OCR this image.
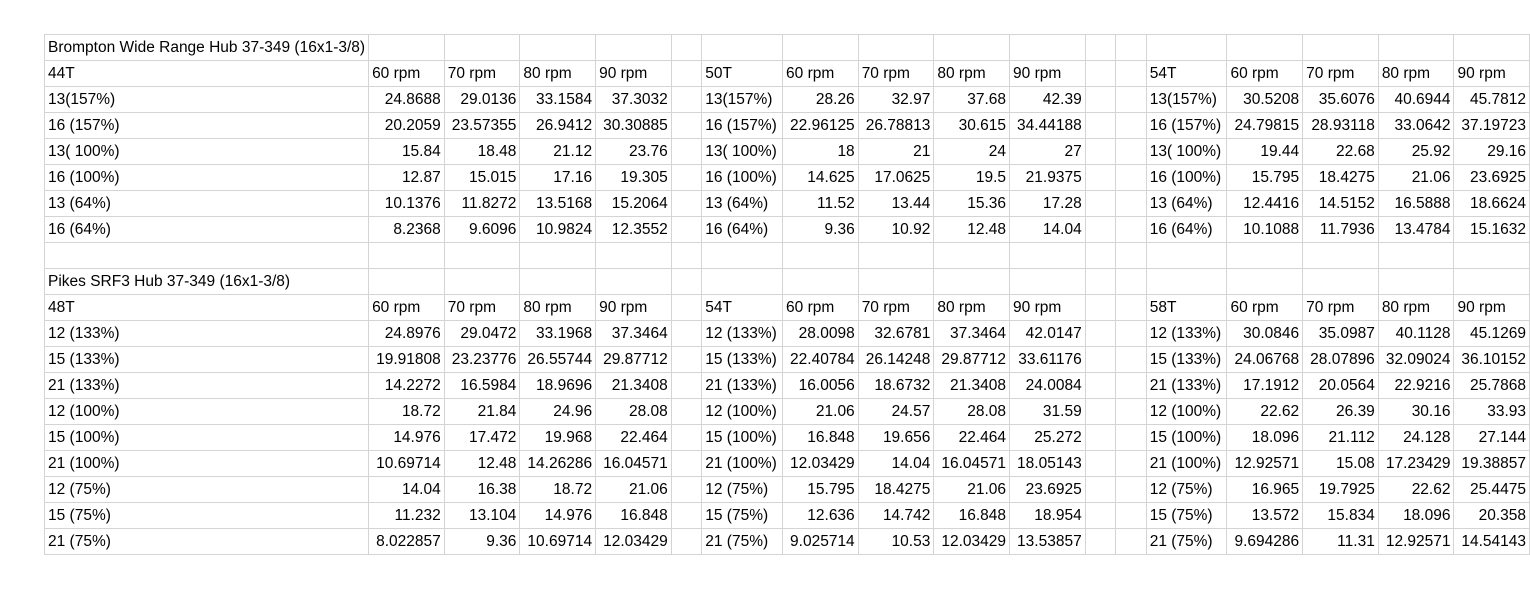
Brompton Wide Range Hub 37-349 (16x1-3/8)																	
44T	60 rpm	70 rpm	80 rpm	90 rpm		50T	60 rpm	70 rpm	80 rpm	90 rpm			54T	60 rpm	70 rpm	80 rpm	90 rpm
13(157%)	24.8688	29.0136	33.1584	37.3032		13(157%)	28.26	32.97	37.68	42.39			13(157%)	30.5208	35.6076	40.6944	45.7812
16 (157%)	20.2059	23.57355	26.9412	30.30885		16 (157%)	22.96125	26.78813	30.615	34.44188			16 (157%)	24.79815	28.93118	33.0642	37.19723
13( 100%)	15.84	18.48	21.12	23.76		13( 100%)	18	21	24	27			13( 100%)	19.44	22.68	25.92	29.16
16 (100%)	12.87	15.015	17.16	19.305		16 (100%)	14.625	17.0625	19.5	21.9375			16 (100%)	15.795	18.4275	21.06	23.6925
13 (64%)	10.1376	11.8272	13.5168	15.2064		13 (64%)	11.52	13.44	15.36	17.28			13 (64%)	12.4416	14.5152	16.5888	18.6624
16 (64%)	8.2368	9.6096	10.9824	12.3552		16 (64%)	9.36	10.92	12.48	14.04			16 (64%)	10.1088	11.7936	13.4784	15.1632

Pikes SRF3 Hub 37-349 (16x1-3/8)																	
48T	60 rpm	70 rpm	80 rpm	90 rpm		54T	60 rpm	70 rpm	80 rpm	90 rpm			58T	60 rpm	70 rpm	80 rpm	90 rpm
12 (133%)	24.8976	29.0472	33.1968	37.3464		12 (133%)	28.0098	32.6781	37.3464	42.0147			12 (133%)	30.0846	35.0987	40.1128	45.1269
15 (133%)	19.91808	23.23776	26.55744	29.87712		15 (133%)	22.40784	26.14248	29.87712	33.61176			15 (133%)	24.06768	28.07896	32.09024	36.10152
21 (133%)	14.2272	16.5984	18.9696	21.3408		21 (133%)	16.0056	18.6732	21.3408	24.0084			21 (133%)	17.1912	20.0564	22.9216	25.7868
12 (100%)	18.72	21.84	24.96	28.08		12 (100%)	21.06	24.57	28.08	31.59			12 (100%)	22.62	26.39	30.16	33.93
15 (100%)	14.976	17.472	19.968	22.464		15 (100%)	16.848	19.656	22.464	25.272			15 (100%)	18.096	21.112	24.128	27.144
21 (100%)	10.69714	12.48	14.26286	16.04571		21 (100%)	12.03429	14.04	16.04571	18.05143			21 (100%)	12.92571	15.08	17.23429	19.38857
12 (75%)	14.04	16.38	18.72	21.06		12 (75%)	15.795	18.4275	21.06	23.6925			12 (75%)	16.965	19.7925	22.62	25.4475
15 (75%)	11.232	13.104	14.976	16.848		15 (75%)	12.636	14.742	16.848	18.954			15 (75%)	13.572	15.834	18.096	20.358
21 (75%)	8.022857	9.36	10.69714	12.03429		21 (75%)	9.025714	10.53	12.03429	13.53857			21 (75%)	9.694286	11.31	12.92571	14.54143
